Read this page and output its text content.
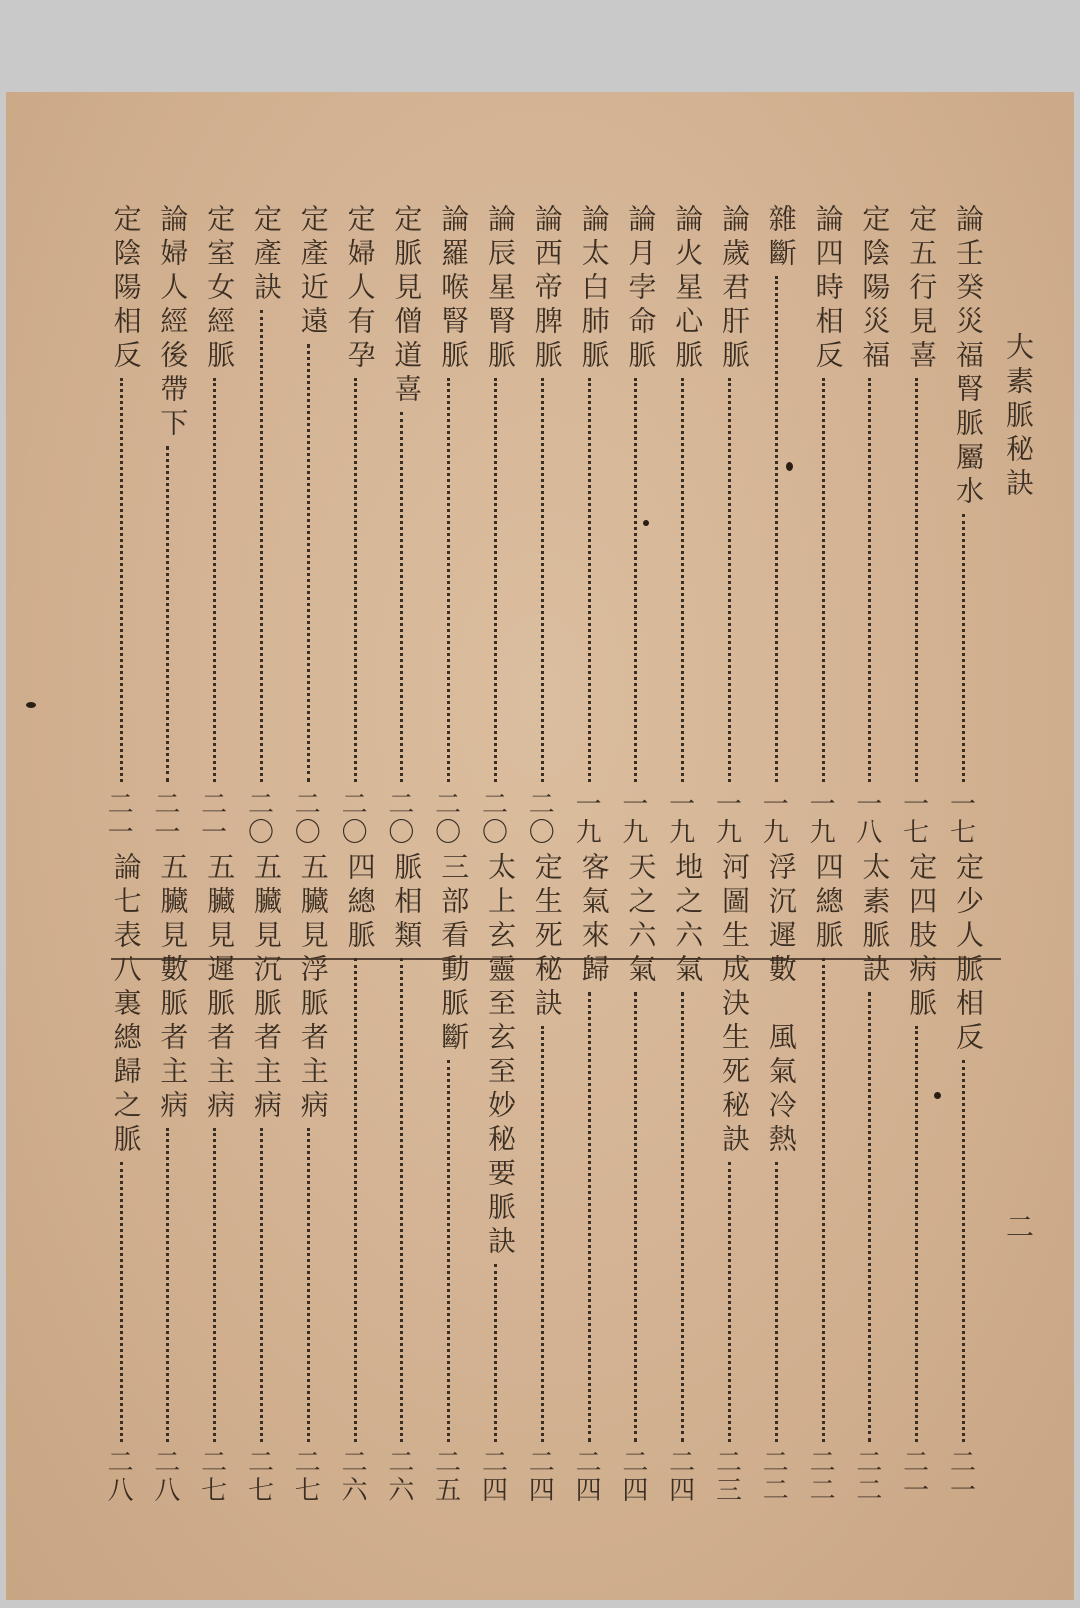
大素脈秘訣
二
論壬癸災福腎脈屬水
一
七
定五行見喜
一
七
定陰陽災福
一
八
論四時相反
一
九
雜斷
一
九
論歲君肝脈
一
九
論火星心脈
一
九
論月孛命脈
一
九
論太白肺脈
一
九
論西帝脾脈
二
〇
論辰星腎脈
二
〇
論羅喉腎脈
二
〇
定脈見僧道喜
二
〇
定婦人有孕
二
〇
定產近遠
二
〇
定產訣
二
〇
定室女經脈
二
一
論婦人經後帶下
二
一
定陰陽相反
二
一
定少人脈相反
二
一
定四肢病脈
二
一
太素脈訣
二
二
四總脈
二
二
浮沉遲數　風氣冷熱
二
二
河圖生成決生死秘訣
二
三
地之六氣
二
四
天之六氣
二
四
客氣來歸
二
四
定生死秘訣
二
四
太上玄靈至玄至妙秘要脈訣
二
四
三部看動脈斷
二
五
脈相類
二
六
四總脈
二
六
五臟見浮脈者主病
二
七
五臟見沉脈者主病
二
七
五臟見遲脈者主病
二
七
五臟見數脈者主病
二
八
論七表八裏總歸之脈
二
八
